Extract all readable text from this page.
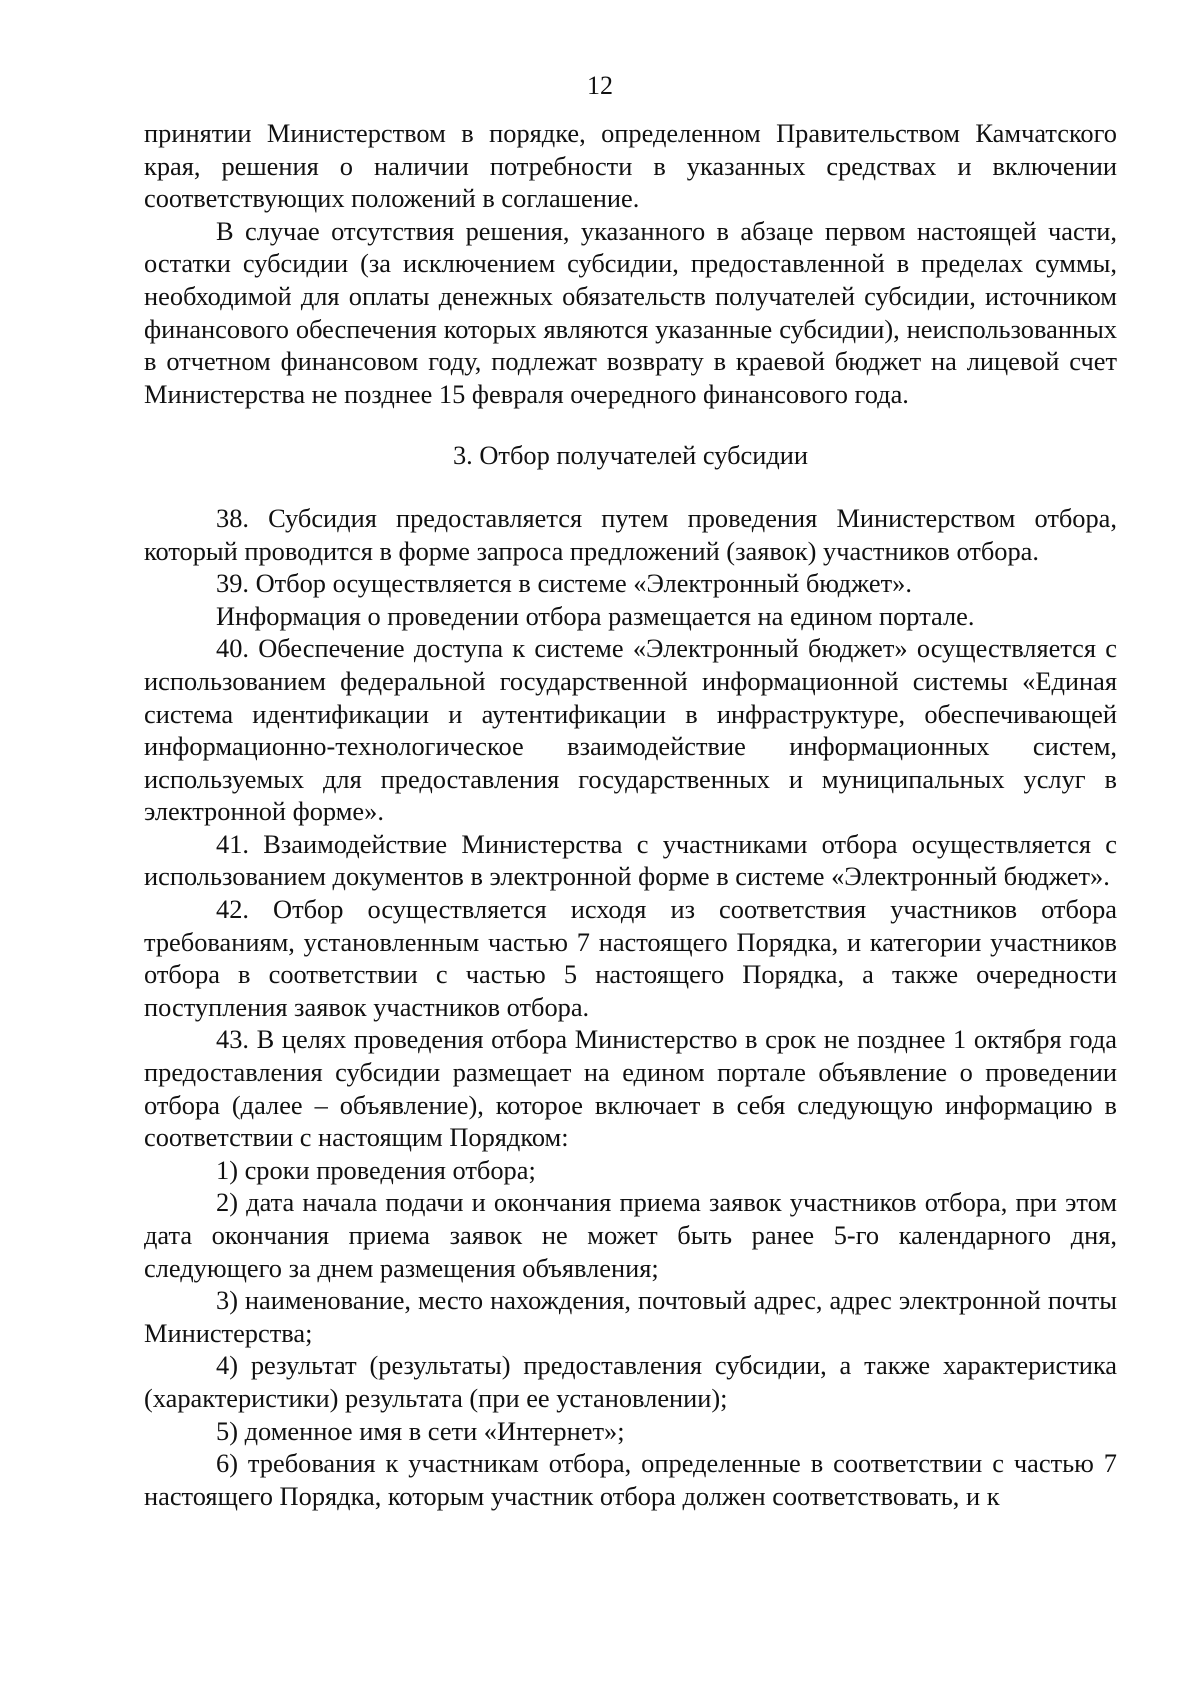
12

принятии Министерством в порядке, определенном Правительством Камчатского края, решения о наличии потребности в указанных средствах и включении соответствующих положений в соглашение.

В случае отсутствия решения, указанного в абзаце первом настоящей части, остатки субсидии (за исключением субсидии, предоставленной в пределах суммы, необходимой для оплаты денежных обязательств получателей субсидии, источником финансового обеспечения которых являются указанные субсидии), неиспользованных в отчетном финансовом году, подлежат возврату в краевой бюджет на лицевой счет Министерства не позднее 15 февраля очередного финансового года.

3. Отбор получателей субсидии

38. Субсидия предоставляется путем проведения Министерством отбора, который проводится в форме запроса предложений (заявок) участников отбора.

39. Отбор осуществляется в системе «Электронный бюджет».

Информация о проведении отбора размещается на едином портале.

40. Обеспечение доступа к системе «Электронный бюджет» осуществляется с использованием федеральной государственной информационной системы «Единая система идентификации и аутентификации в инфраструктуре, обеспечивающей информационно-технологическое взаимодействие информационных систем, используемых для предоставления государственных и муниципальных услуг в электронной форме».

41. Взаимодействие Министерства с участниками отбора осуществляется с использованием документов в электронной форме в системе «Электронный бюджет».

42. Отбор осуществляется исходя из соответствия участников отбора требованиям, установленным частью 7 настоящего Порядка, и категории участников отбора в соответствии с частью 5 настоящего Порядка, а также очередности поступления заявок участников отбора.

43. В целях проведения отбора Министерство в срок не позднее 1 октября года предоставления субсидии размещает на едином портале объявление о проведении отбора (далее – объявление), которое включает в себя следующую информацию в соответствии с настоящим Порядком:

1) сроки проведения отбора;

2) дата начала подачи и окончания приема заявок участников отбора, при этом дата окончания приема заявок не может быть ранее 5-го календарного дня, следующего за днем размещения объявления;

3) наименование, место нахождения, почтовый адрес, адрес электронной почты Министерства;

4) результат (результаты) предоставления субсидии, а также характеристика (характеристики) результата (при ее установлении);

5) доменное имя в сети «Интернет»;

6) требования к участникам отбора, определенные в соответствии с частью 7 настоящего Порядка, которым участник отбора должен соответствовать, и к
